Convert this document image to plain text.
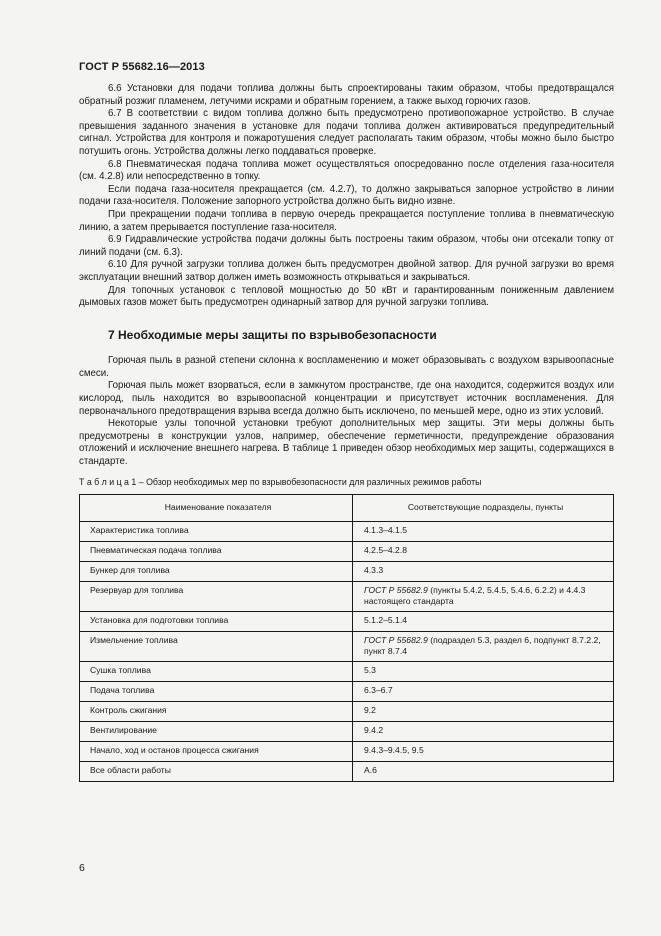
ГОСТ Р 55682.16—2013

6.6 Установки для подачи топлива должны быть спроектированы таким образом, чтобы предотвращался обратный розжиг пламенем, летучими искрами и обратным горением, а также выход горючих газов.

6.7 В соответствии с видом топлива должно быть предусмотрено противопожарное устройство. В случае превышения заданного значения в установке для подачи топлива должен активироваться предупредительный сигнал. Устройства для контроля и пожаротушения следует располагать таким образом, чтобы можно было быстро потушить огонь. Устройства должны легко поддаваться проверке.

6.8 Пневматическая подача топлива может осуществляться опосредованно после отделения газа-носителя (см. 4.2.8) или непосредственно в топку.

Если подача газа-носителя прекращается (см. 4.2.7), то должно закрываться запорное устройство в линии подачи газа-носителя. Положение запорного устройства должно быть видно извне.

При прекращении подачи топлива в первую очередь прекращается поступление топлива в пневматическую линию, а затем прерывается поступление газа-носителя.

6.9 Гидравлические устройства подачи должны быть построены таким образом, чтобы они отсекали топку от линий подачи (см. 6.3).

6.10 Для ручной загрузки топлива должен быть предусмотрен двойной затвор. Для ручной загрузки во время эксплуатации внешний затвор должен иметь возможность открываться и закрываться.

Для топочных установок с тепловой мощностью до 50 кВт и гарантированным пониженным давлением дымовых газов может быть предусмотрен одинарный затвор для ручной загрузки топлива.

7 Необходимые меры защиты по взрывобезопасности

Горючая пыль в разной степени склонна к воспламенению и может образовывать с воздухом взрывоопасные смеси.

Горючая пыль может взорваться, если в замкнутом пространстве, где она находится, содержится воздух или кислород, пыль находится во взрывоопасной концентрации и присутствует источник воспламенения. Для первоначального предотвращения взрыва всегда должно быть исключено, по меньшей мере, одно из этих условий.

Некоторые узлы топочной установки требуют дополнительных мер защиты. Эти меры должны быть предусмотрены в конструкции узлов, например, обеспечение герметичности, предупреждение образования отложений и исключение внешнего нагрева. В таблице 1 приведен обзор необходимых мер защиты, содержащихся в стандарте.

Т а б л и ц а 1 – Обзор необходимых мер по взрывобезопасности для различных режимов работы

Наименование показателя	Соответствующие подразделы, пункты
Характеристика топлива	4.1.3–4.1.5
Пневматическая подача топлива	4.2.5–4.2.8
Бункер для топлива	4.3.3
Резервуар для топлива	ГОСТ Р 55682.9 (пункты 5.4.2, 5.4.5, 5.4.6, 6.2.2) и 4.4.3 настоящего стандарта
Установка для подготовки топлива	5.1.2–5.1.4
Измельчение топлива	ГОСТ Р 55682.9 (подраздел 5.3, раздел 6, подпункт 8.7.2.2, пункт 8.7.4
Сушка топлива	5.3
Подача топлива	6.3–6.7
Контроль сжигания	9.2
Вентилирование	9.4.2
Начало, ход и останов процесса сжигания	9.4.3–9.4.5, 9.5
Все области работы	А.6
6
